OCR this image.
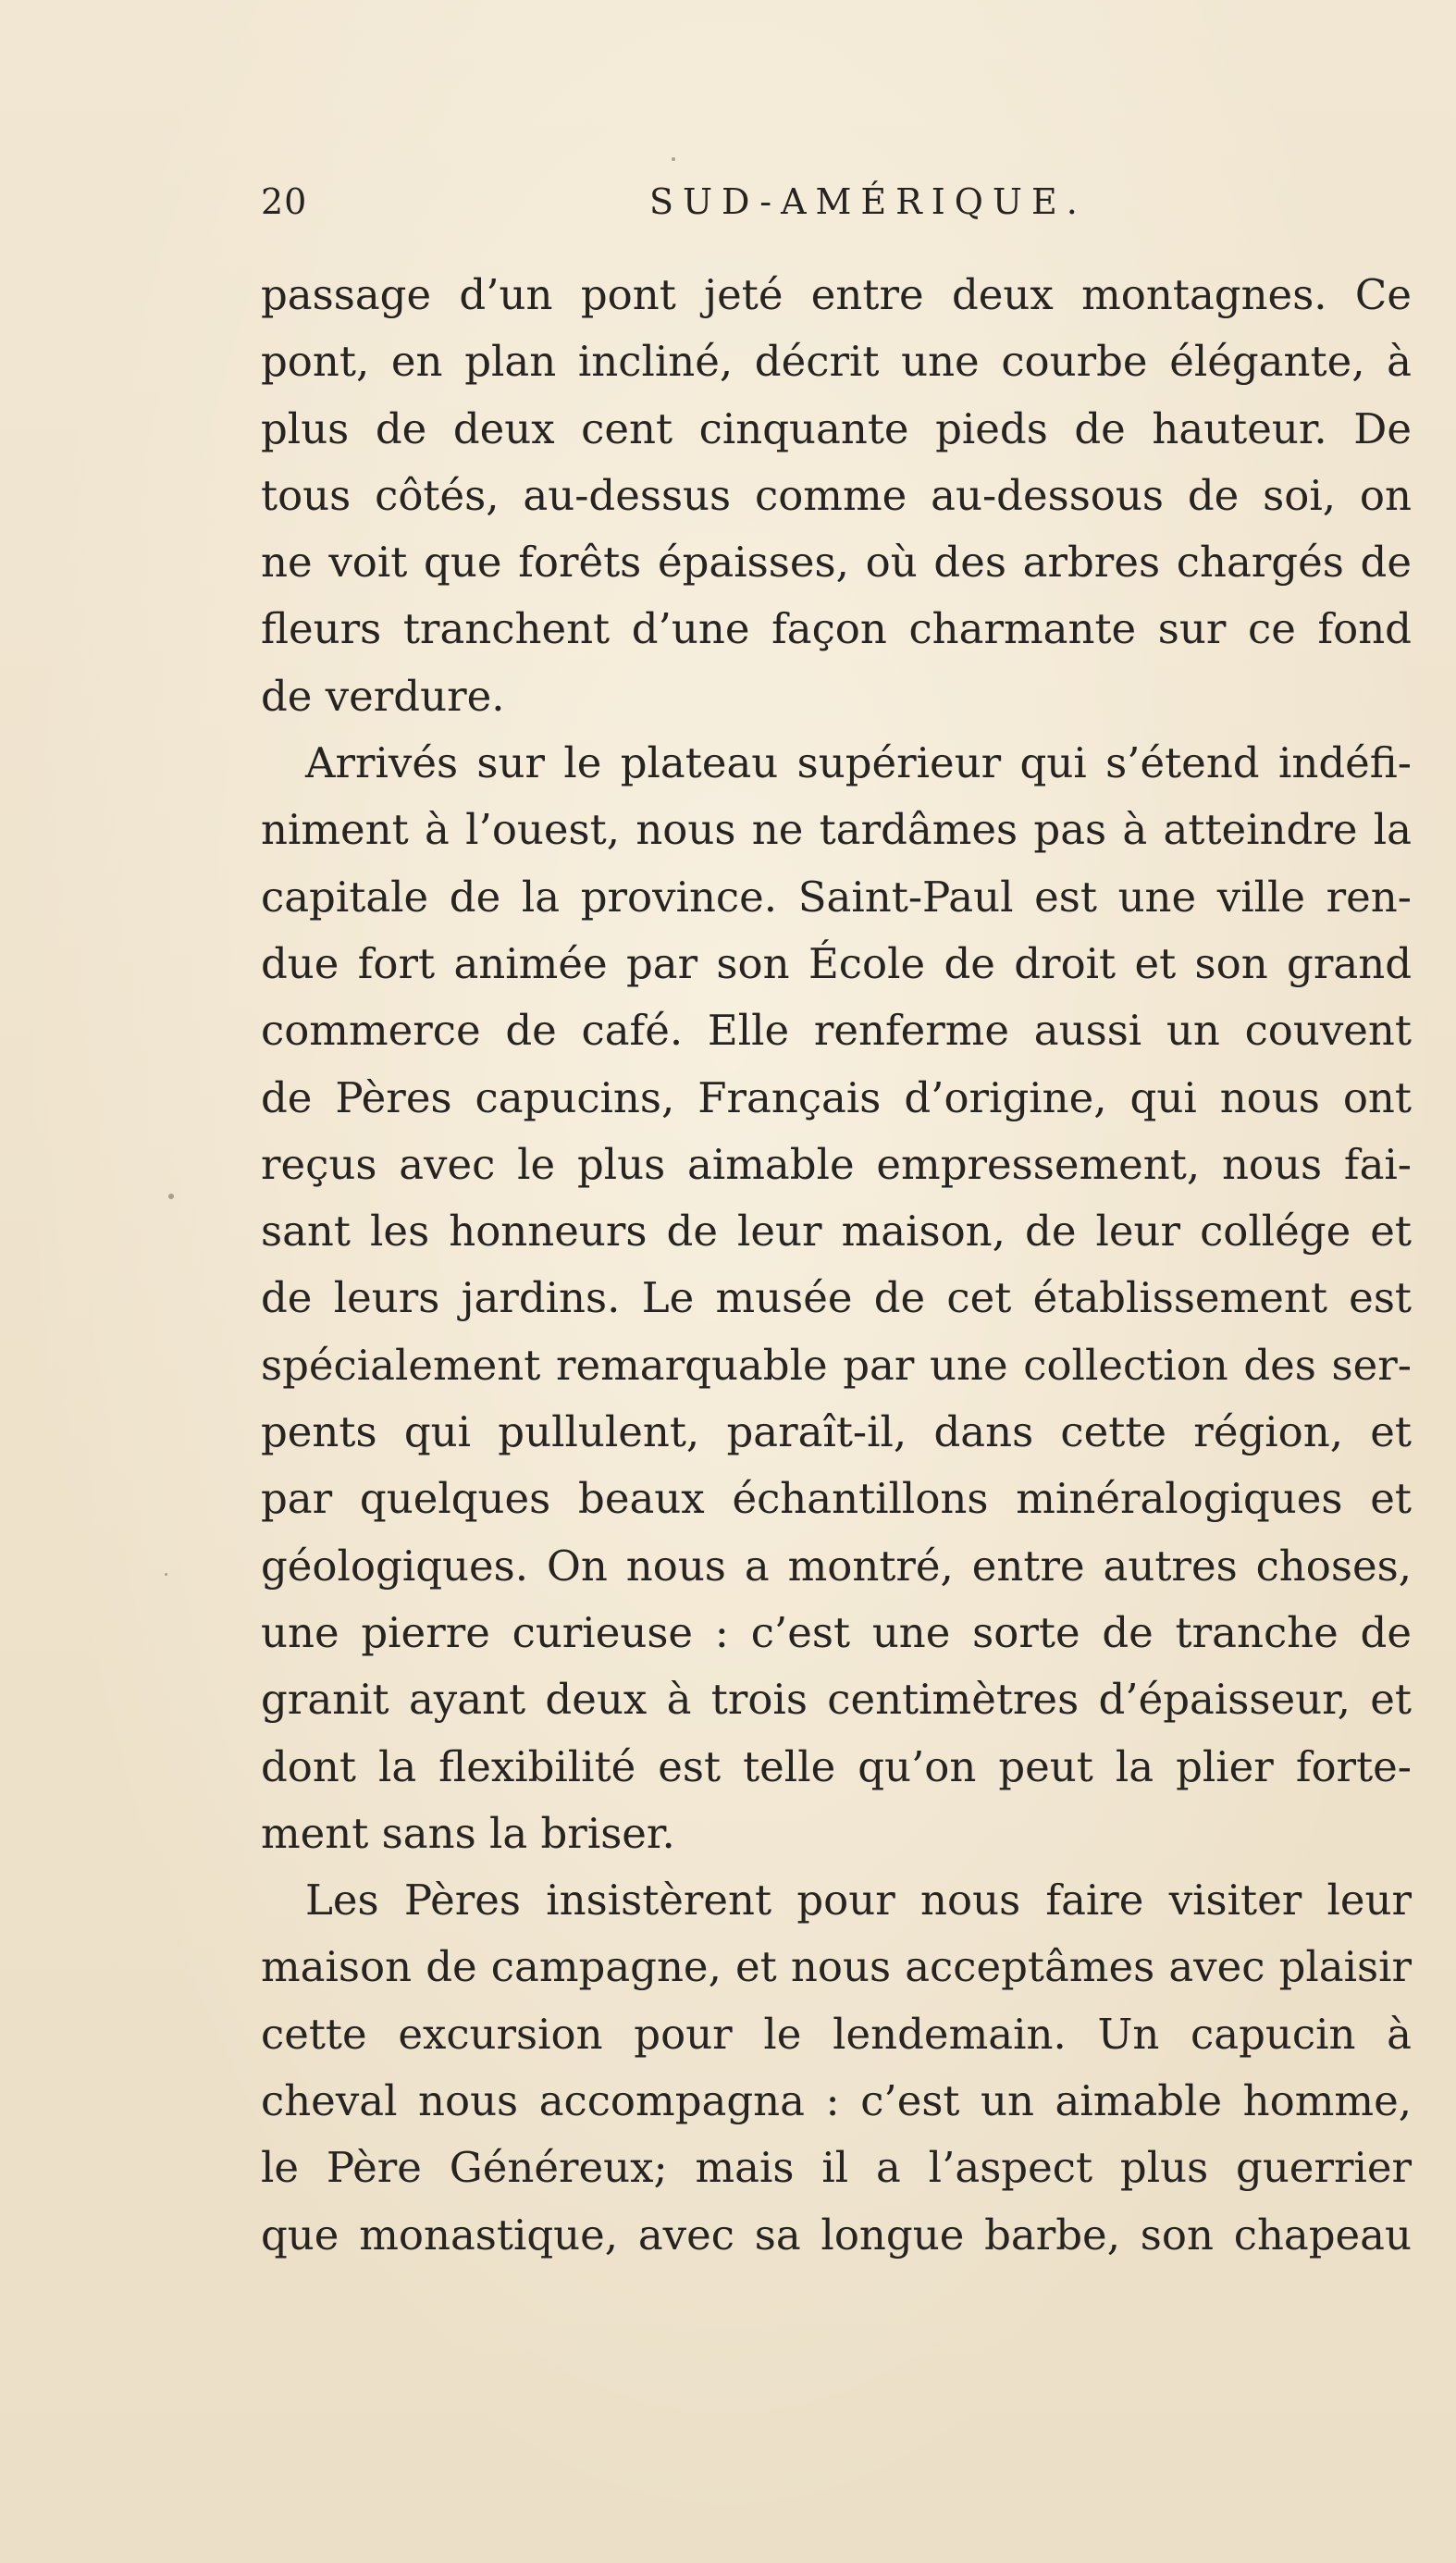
20	SUD-AMÉRIQUE.
passage d’un pont jeté entre deux montagnes. Ce
pont, en plan incliné, décrit une courbe élégante, à
plus de deux cent cinquante pieds de hauteur. De
tous côtés, au-dessus comme au-dessous de soi, on
ne voit que forêts épaisses, où des arbres chargés de
fleurs tranchent d’une façon charmante sur ce fond
de verdure.
Arrivés sur le plateau supérieur qui s’étend indéfi-
niment à l’ouest, nous ne tardâmes pas à atteindre la
capitale de la province. Saint-Paul est une ville ren-
due fort animée par son École de droit et son grand
commerce de café. Elle renferme aussi un couvent
de Pères capucins, Français d’origine, qui nous ont
reçus avec le plus aimable empressement, nous fai-
sant les honneurs de leur maison, de leur collége et
de leurs jardins. Le musée de cet établissement est
spécialement remarquable par une collection des ser-
pents qui pullulent, paraît-il, dans cette région, et
par quelques beaux échantillons minéralogiques et
géologiques. On nous a montré, entre autres choses,
une pierre curieuse : c’est une sorte de tranche de
granit ayant deux à trois centimètres d’épaisseur, et
dont la flexibilité est telle qu’on peut la plier forte-
ment sans la briser.
Les Pères insistèrent pour nous faire visiter leur
maison de campagne, et nous acceptâmes avec plaisir
cette excursion pour le lendemain. Un capucin à
cheval nous accompagna : c’est un aimable homme,
le Père Généreux; mais il a l’aspect plus guerrier
que monastique, avec sa longue barbe, son chapeau
